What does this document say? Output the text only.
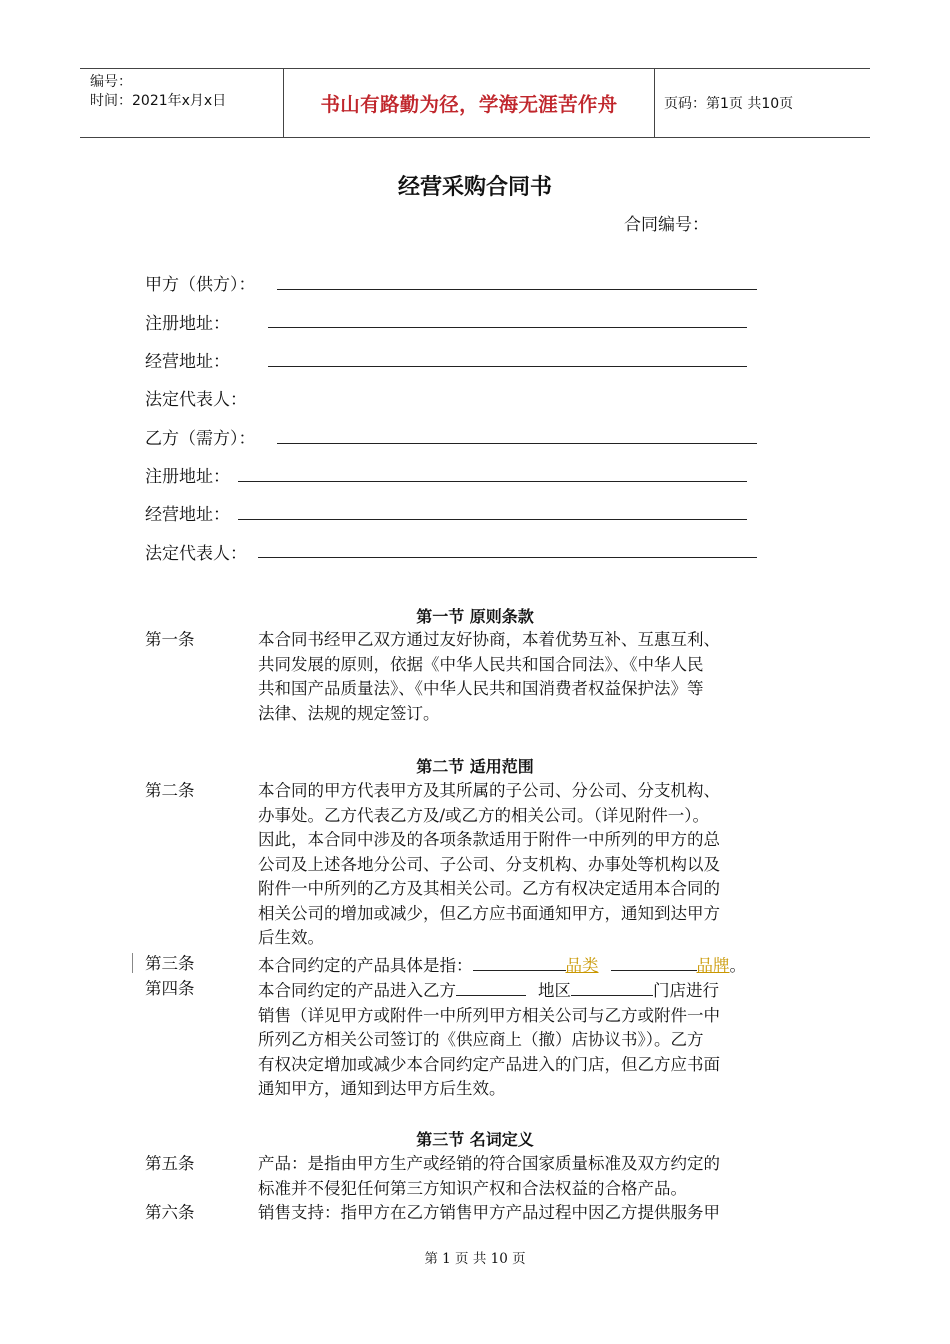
编号：
时间：2021年x月x日	书山有路勤为径，学海无涯苦作舟	页码：第1页 共10页
经营采购合同书
合同编号：
甲方（供方）：
注册地址：
经营地址：
法定代表人：
乙方（需方）：
注册地址：
经营地址：
法定代表人：
第一节 原则条款
第一条	本合同书经甲乙双方通过友好协商，本着优势互补、互惠互利、
共同发展的原则，依据《中华人民共和国合同法》、《中华人民
共和国产品质量法》、《中华人民共和国消费者权益保护法》等
法律、法规的规定签订。
第二节 适用范围
第二条	本合同的甲方代表甲方及其所属的子公司、分公司、分支机构、
办事处。乙方代表乙方及/或乙方的相关公司。（详见附件一）。
因此，本合同中涉及的各项条款适用于附件一中所列的甲方的总
公司及上述各地分公司、子公司、分支机构、办事处等机构以及
附件一中所列的乙方及其相关公司。乙方有权决定适用本合同的
相关公司的增加或减少，但乙方应书面通知甲方，通知到达甲方
后生效。
第三条	本合同约定的产品具体是指：	品类	品牌。
第四条	本合同约定的产品进入乙方	地区	门店进行
销售（详见甲方或附件一中所列甲方相关公司与乙方或附件一中
所列乙方相关公司签订的《供应商上（撤）店协议书》）。乙方
有权决定增加或减少本合同约定产品进入的门店，但乙方应书面
通知甲方，通知到达甲方后生效。
第三节 名词定义
第五条	产品：是指由甲方生产或经销的符合国家质量标准及双方约定的
标准并不侵犯任何第三方知识产权和合法权益的合格产品。
第六条	销售支持：指甲方在乙方销售甲方产品过程中因乙方提供服务甲
第 1 页 共 10 页
